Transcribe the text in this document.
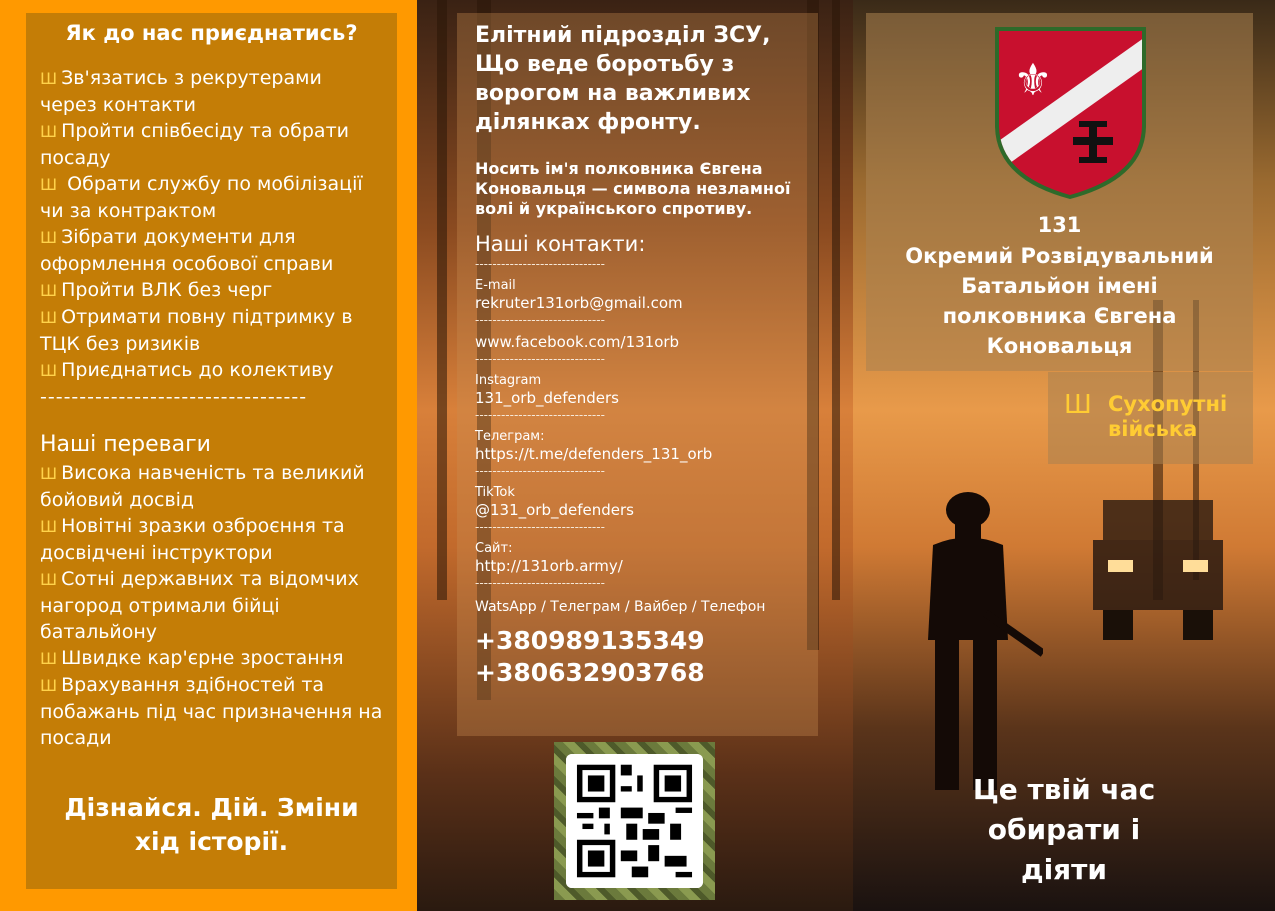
Як до нас приєднатись?
Ш Зв'язатись з рекрутерами через контакти
Ш Пройти співбесіду та обрати посаду
Ш Обрати службу по мобілізації чи за контрактом
Ш Зібрати документи для оформлення особової справи
Ш Пройти ВЛК без черг
Ш Отримати повну підтримку в ТЦК без ризиків
Ш Приєднатись до колективу
----------------------------------
Наші переваги
Ш Висока навченість та великий бойовий досвід
Ш Новітні зразки озброєння та досвідчені інструктори
Ш Сотні державних та відомчих нагород отримали бійці батальйону
Ш Швидке кар'єрне зростання
Ш Врахування здібностей та побажань під час призначення на посади
Дізнайся. Дій. Зміни хід історії.
Елітний підрозділ ЗСУ, Що веде боротьбу з ворогом на важливих ділянках фронту.
Носить ім'я полковника Євгена Коновальця — символа незламної волі й українського спротиву.
Наші контакти:
------------------------------
E-mail
rekruter131orb@gmail.com
------------------------------
www.facebook.com/131orb
------------------------------
Instagram
131_orb_defenders
------------------------------
Телеграм:
https://t.me/defenders_131_orb
------------------------------
TikTok
@131_orb_defenders
------------------------------
Сайт:
http://131orb.army/
------------------------------
WatsApp / Телеграм / Вайбер / Телефон
+380989135349
+380632903768
⚜
131
Окремий Розвідувальний Батальйон імені полковника Євгена Коновальця
Ш Сухопутні війська
Це твій час обирати і діяти
